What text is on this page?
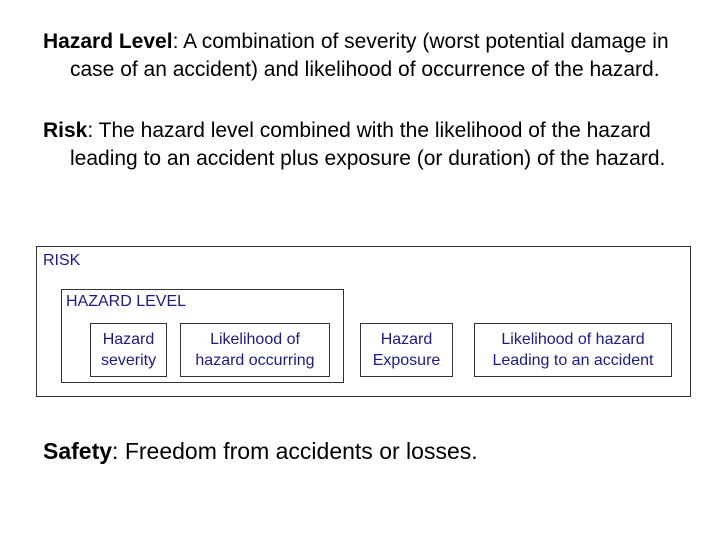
Hazard Level: A combination of severity (worst potential damage in case of an accident) and likelihood of occurrence of the hazard.
Risk: The hazard level combined with the likelihood of the hazard leading to an accident plus exposure (or duration) of the hazard.
RISK
HAZARD LEVEL
Hazard
severity
Likelihood of
hazard occurring
Hazard
Exposure
Likelihood of hazard
Leading to an accident
Safety: Freedom from accidents or losses.
